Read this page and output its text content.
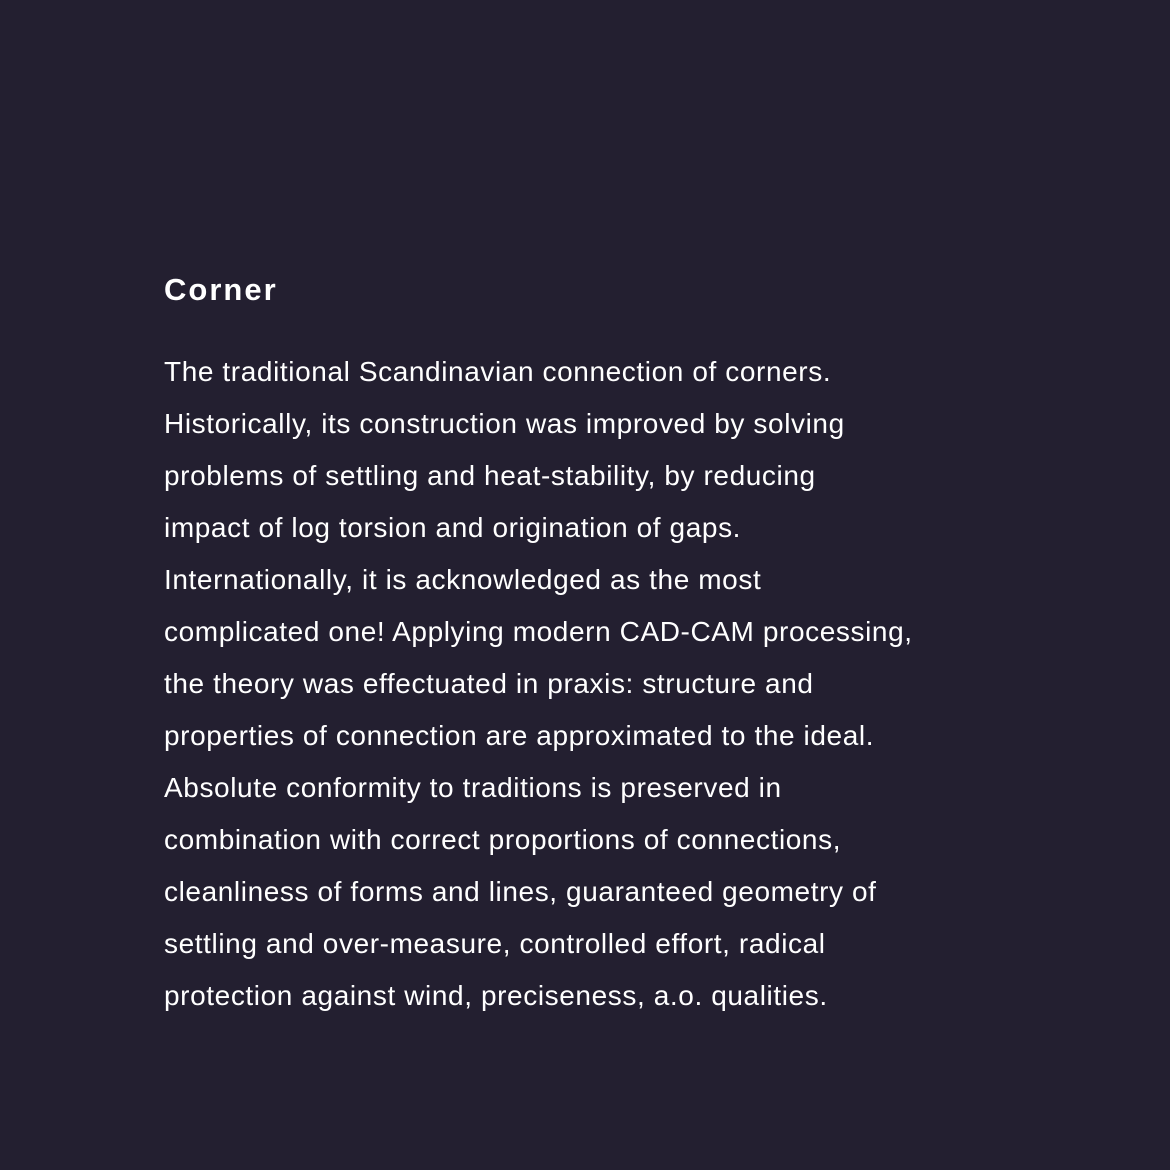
Corner
The traditional Scandinavian connection of corners.
Historically, its construction was improved by solving
problems of settling and heat-stability, by reducing
impact of log torsion and origination of gaps.
Internationally, it is acknowledged as the most
complicated one! Applying modern CAD-CAM processing,
the theory was effectuated in praxis: structure and
properties of connection are approximated to the ideal.
Absolute conformity to traditions is preserved in
combination with correct proportions of connections,
cleanliness of forms and lines, guaranteed geometry of
settling and over-measure, controlled effort, radical
protection against wind, preciseness, a.o. qualities.
